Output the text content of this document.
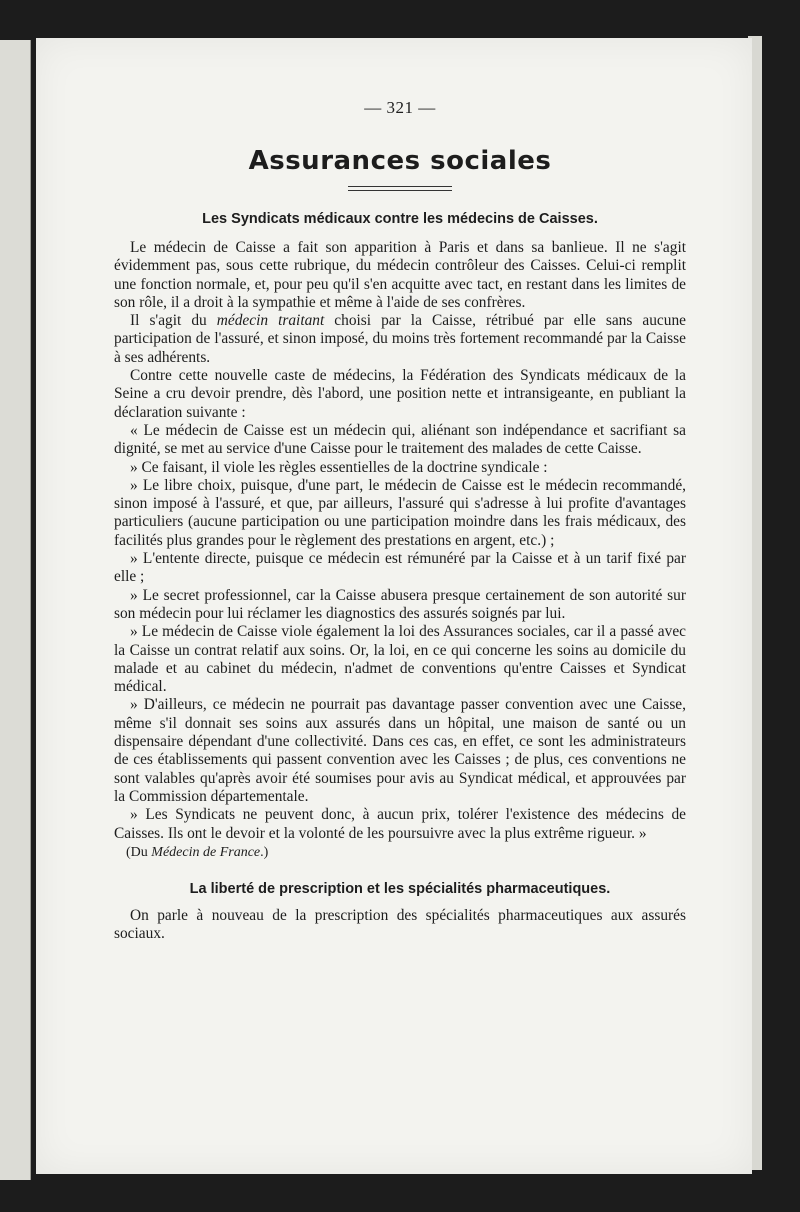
— 321 —

Assurances sociales
Les Syndicats médicaux contre les médecins de Caisses.

Le médecin de Caisse a fait son apparition à Paris et dans sa banlieue. Il ne s'agit évidemment pas, sous cette rubrique, du médecin contrôleur des Caisses. Celui-ci remplit une fonction normale, et, pour peu qu'il s'en acquitte avec tact, en restant dans les limites de son rôle, il a droit à la sympathie et même à l'aide de ses confrères.

Il s'agit du médecin traitant choisi par la Caisse, rétribué par elle sans aucune participation de l'assuré, et sinon imposé, du moins très fortement recommandé par la Caisse à ses adhérents.

Contre cette nouvelle caste de médecins, la Fédération des Syndicats médicaux de la Seine a cru devoir prendre, dès l'abord, une position nette et intransigeante, en publiant la déclaration suivante :

« Le médecin de Caisse est un médecin qui, aliénant son indépendance et sacrifiant sa dignité, se met au service d'une Caisse pour le traitement des malades de cette Caisse.

» Ce faisant, il viole les règles essentielles de la doctrine syndicale :

» Le libre choix, puisque, d'une part, le médecin de Caisse est le médecin recommandé, sinon imposé à l'assuré, et que, par ailleurs, l'assuré qui s'adresse à lui profite d'avantages particuliers (aucune participation ou une participation moindre dans les frais médicaux, des facilités plus grandes pour le règlement des prestations en argent, etc.) ;

» L'entente directe, puisque ce médecin est rémunéré par la Caisse et à un tarif fixé par elle ;

» Le secret professionnel, car la Caisse abusera presque certainement de son autorité sur son médecin pour lui réclamer les diagnostics des assurés soignés par lui.

» Le médecin de Caisse viole également la loi des Assurances sociales, car il a passé avec la Caisse un contrat relatif aux soins. Or, la loi, en ce qui concerne les soins au domicile du malade et au cabinet du médecin, n'admet de conventions qu'entre Caisses et Syndicat médical.

» D'ailleurs, ce médecin ne pourrait pas davantage passer convention avec une Caisse, même s'il donnait ses soins aux assurés dans un hôpital, une maison de santé ou un dispensaire dépendant d'une collectivité. Dans ces cas, en effet, ce sont les administrateurs de ces établissements qui passent convention avec les Caisses ; de plus, ces conventions ne sont valables qu'après avoir été soumises pour avis au Syndicat médical, et approuvées par la Commission départementale.

» Les Syndicats ne peuvent donc, à aucun prix, tolérer l'existence des médecins de Caisses. Ils ont le devoir et la volonté de les poursuivre avec la plus extrême rigueur. »

(Du Médecin de France.)

La liberté de prescription et les spécialités pharmaceutiques.

On parle à nouveau de la prescription des spécialités pharmaceutiques aux assurés sociaux.
